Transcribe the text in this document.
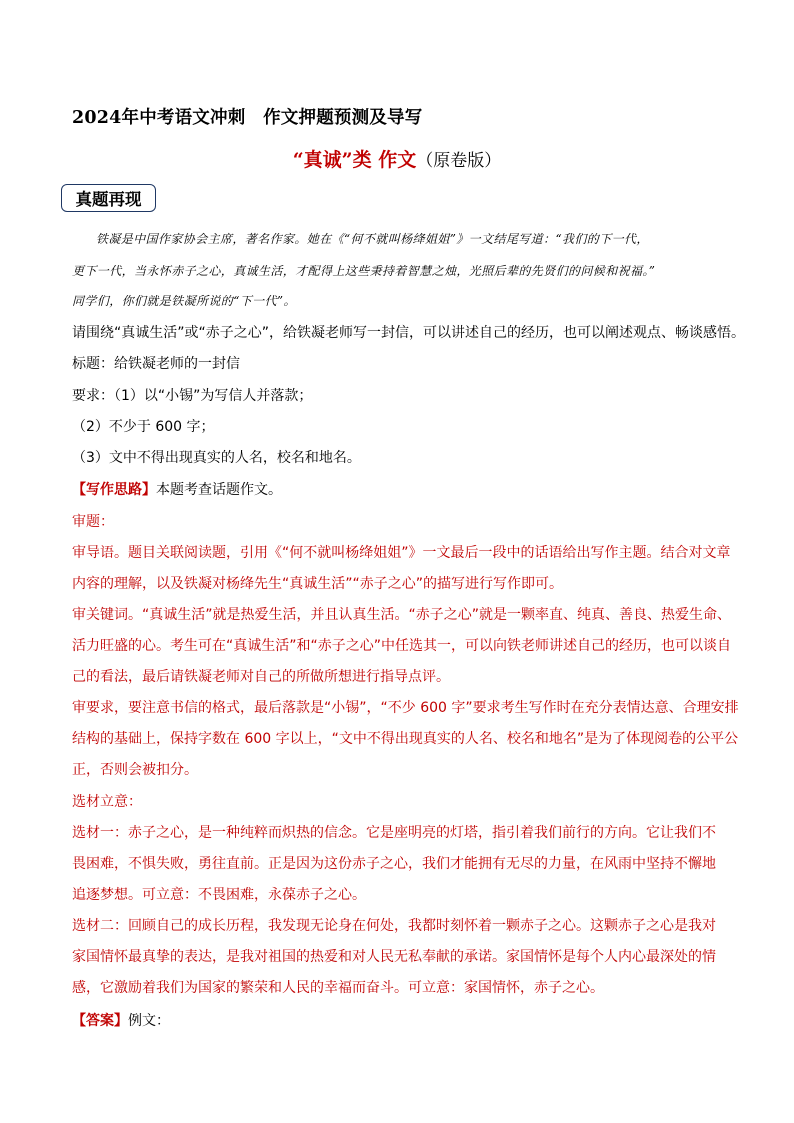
2024年中考语文冲刺　作文押题预测及导写
“真诚”类 作文（原卷版）
真题再现
铁凝是中国作家协会主席，著名作家。她在《“何不就叫杨绛姐姐”》一文结尾写道：“我们的下一代，
更下一代，当永怀赤子之心，真诚生活，才配得上这些秉持着智慧之烛，光照后辈的先贤们的问候和祝福。”
同学们，你们就是铁凝所说的“下一代”。
请围绕“真诚生活”或“赤子之心”，给铁凝老师写一封信，可以讲述自己的经历，也可以阐述观点、畅谈感悟。
标题：给铁凝老师的一封信
要求：（1）以“小锡”为写信人并落款；
（2）不少于 600 字；
（3）文中不得出现真实的人名，校名和地名。
【写作思路】本题考查话题作文。
审题：
审导语。题目关联阅读题，引用《“何不就叫杨绛姐姐”》一文最后一段中的话语给出写作主题。结合对文章
内容的理解，以及铁凝对杨绛先生“真诚生活”“赤子之心”的描写进行写作即可。
审关键词。“真诚生活”就是热爱生活，并且认真生活。“赤子之心”就是一颗率直、纯真、善良、热爱生命、
活力旺盛的心。考生可在“真诚生活”和“赤子之心”中任选其一，可以向铁老师讲述自己的经历，也可以谈自
己的看法，最后请铁凝老师对自己的所做所想进行指导点评。
审要求，要注意书信的格式，最后落款是“小锡”，“不少 600 字”要求考生写作时在充分表情达意、合理安排
结构的基础上，保持字数在 600 字以上，“文中不得出现真实的人名、校名和地名”是为了体现阅卷的公平公
正，否则会被扣分。
选材立意：
选材一：赤子之心，是一种纯粹而炽热的信念。它是座明亮的灯塔，指引着我们前行的方向。它让我们不
畏困难，不惧失败，勇往直前。正是因为这份赤子之心，我们才能拥有无尽的力量，在风雨中坚持不懈地
追逐梦想。可立意：不畏困难，永葆赤子之心。
选材二：回顾自己的成长历程，我发现无论身在何处，我都时刻怀着一颗赤子之心。这颗赤子之心是我对
家国情怀最真挚的表达，是我对祖国的热爱和对人民无私奉献的承诺。家国情怀是每个人内心最深处的情
感，它激励着我们为国家的繁荣和人民的幸福而奋斗。可立意：家国情怀，赤子之心。
【答案】例文：
